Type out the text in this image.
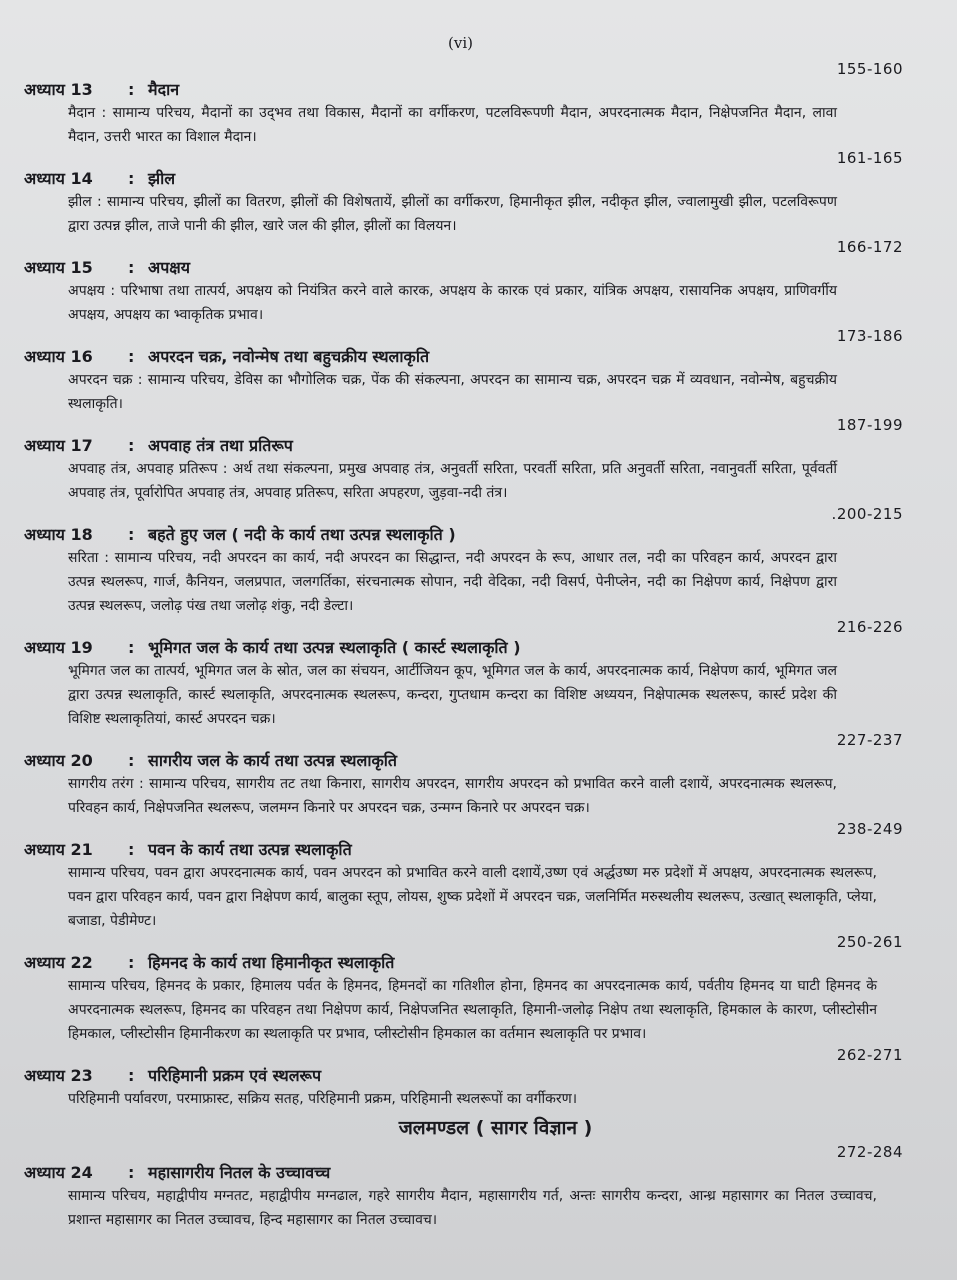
(vi)
155-160
अध्याय 13	: मैदान
मैदान : सामान्य परिचय, मैदानों का उद्‌भव तथा विकास, मैदानों का वर्गीकरण, पटलविरूपणी मैदान, अपरदनात्मक मैदान, निक्षेपजनित मैदान, लावा मैदान, उत्तरी भारत का विशाल मैदान।
161-165
अध्याय 14	: झील
झील : सामान्य परिचय, झीलों का वितरण, झीलों की विशेषतायें, झीलों का वर्गीकरण, हिमानीकृत झील, नदीकृत झील, ज्वालामुखी झील, पटलविरूपण द्वारा उत्पन्न झील, ताजे पानी की झील, खारे जल की झील, झीलों का विलयन।
166-172
अध्याय 15	: अपक्षय
अपक्षय : परिभाषा तथा तात्पर्य, अपक्षय को नियंत्रित करने वाले कारक, अपक्षय के कारक एवं प्रकार, यांत्रिक अपक्षय, रासायनिक अपक्षय, प्राणिवर्गीय अपक्षय, अपक्षय का भ्वाकृतिक प्रभाव।
173-186
अध्याय 16	: अपरदन चक्र, नवोन्मेष तथा बहुचक्रीय स्थलाकृति
अपरदन चक्र : सामान्य परिचय, डेविस का भौगोलिक चक्र, पेंक की संकल्पना, अपरदन का सामान्य चक्र, अपरदन चक्र में व्यवधान, नवोन्मेष, बहुचक्रीय स्थलाकृति।
187-199
अध्याय 17	: अपवाह तंत्र तथा प्रतिरूप
अपवाह तंत्र, अपवाह प्रतिरूप : अर्थ तथा संकल्पना, प्रमुख अपवाह तंत्र, अनुवर्ती सरिता, परवर्ती सरिता, प्रति अनुवर्ती सरिता, नवानुवर्ती सरिता, पूर्ववर्ती अपवाह तंत्र, पूर्वारोपित अपवाह तंत्र, अपवाह प्रतिरूप, सरिता अपहरण, जुड़वा-नदी तंत्र।
.200-215
अध्याय 18	: बहते हुए जल ( नदी के कार्य तथा उत्पन्न स्थलाकृति )
सरिता : सामान्य परिचय, नदी अपरदन का कार्य, नदी अपरदन का सिद्धान्त, नदी अपरदन के रूप, आधार तल, नदी का परिवहन कार्य, अपरदन द्वारा उत्पन्न स्थलरूप, गार्ज, कैनियन, जलप्रपात, जलगर्तिका, संरचनात्मक सोपान, नदी वेदिका, नदी विसर्प, पेनीप्लेन, नदी का निक्षेपण कार्य, निक्षेपण द्वारा उत्पन्न स्थलरूप, जलोढ़ पंख तथा जलोढ़ शंकु, नदी डेल्टा।
216-226
अध्याय 19	: भूमिगत जल के कार्य तथा उत्पन्न स्थलाकृति ( कार्स्ट स्थलाकृति )
भूमिगत जल का तात्पर्य, भूमिगत जल के स्रोत, जल का संचयन, आर्टीजियन कूप, भूमिगत जल के कार्य, अपरदनात्मक कार्य, निक्षेपण कार्य, भूमिगत जल द्वारा उत्पन्न स्थलाकृति, कार्स्ट स्थलाकृति, अपरदनात्मक स्थलरूप, कन्दरा, गुप्तधाम कन्दरा का विशिष्ट अध्ययन, निक्षेपात्मक स्थलरूप, कार्स्ट प्रदेश की विशिष्ट स्थलाकृतियां, कार्स्ट अपरदन चक्र।
227-237
अध्याय 20	: सागरीय जल के कार्य तथा उत्पन्न स्थलाकृति
सागरीय तरंग : सामान्य परिचय, सागरीय तट तथा किनारा, सागरीय अपरदन, सागरीय अपरदन को प्रभावित करने वाली दशायें, अपरदनात्मक स्थलरूप, परिवहन कार्य, निक्षेपजनित स्थलरूप, जलमग्न किनारे पर अपरदन चक्र, उन्मग्न किनारे पर अपरदन चक्र।
238-249
अध्याय 21	: पवन के कार्य तथा उत्पन्न स्थलाकृति
सामान्य परिचय, पवन द्वारा अपरदनात्मक कार्य, पवन अपरदन को प्रभावित करने वाली दशायें,उष्ण एवं अर्द्धउष्ण मरु प्रदेशों में अपक्षय, अपरदनात्मक स्थलरूप, पवन द्वारा परिवहन कार्य, पवन द्वारा निक्षेपण कार्य, बालुका स्तूप, लोयस, शुष्क प्रदेशों में अपरदन चक्र, जलनिर्मित मरुस्थलीय स्थलरूप, उत्खात् स्थलाकृति, प्लेया, बजाडा, पेडीमेण्ट।
250-261
अध्याय 22	: हिमनद के कार्य तथा हिमानीकृत स्थलाकृति
सामान्य परिचय, हिमनद के प्रकार, हिमालय पर्वत के हिमनद, हिमनदों का गतिशील होना, हिमनद का अपरदनात्मक कार्य, पर्वतीय हिमनद या घाटी हिमनद के अपरदनात्मक स्थलरूप, हिमनद का परिवहन तथा निक्षेपण कार्य, निक्षेपजनित स्थलाकृति, हिमानी-जलोढ़ निक्षेप तथा स्थलाकृति, हिमकाल के कारण, प्लीस्टोसीन हिमकाल, प्लीस्टोसीन हिमानीकरण का स्थलाकृति पर प्रभाव, प्लीस्टोसीन हिमकाल का वर्तमान स्थलाकृति पर प्रभाव।
262-271
अध्याय 23	: परिहिमानी प्रक्रम एवं स्थलरूप
परिहिमानी पर्यावरण, परमाफ्रास्ट, सक्रिय सतह, परिहिमानी प्रक्रम, परिहिमानी स्थलरूपों का वर्गीकरण।
जलमण्डल ( सागर विज्ञान )
272-284
अध्याय 24	: महासागरीय नितल के उच्चावच्च
सामान्य परिचय, महाद्वीपीय मग्नतट, महाद्वीपीय मग्नढाल, गहरे सागरीय मैदान, महासागरीय गर्त, अन्तः सागरीय कन्दरा, आन्ध्र महासागर का नितल उच्चावच, प्रशान्त महासागर का नितल उच्चावच, हिन्द महासागर का नितल उच्चावच।
